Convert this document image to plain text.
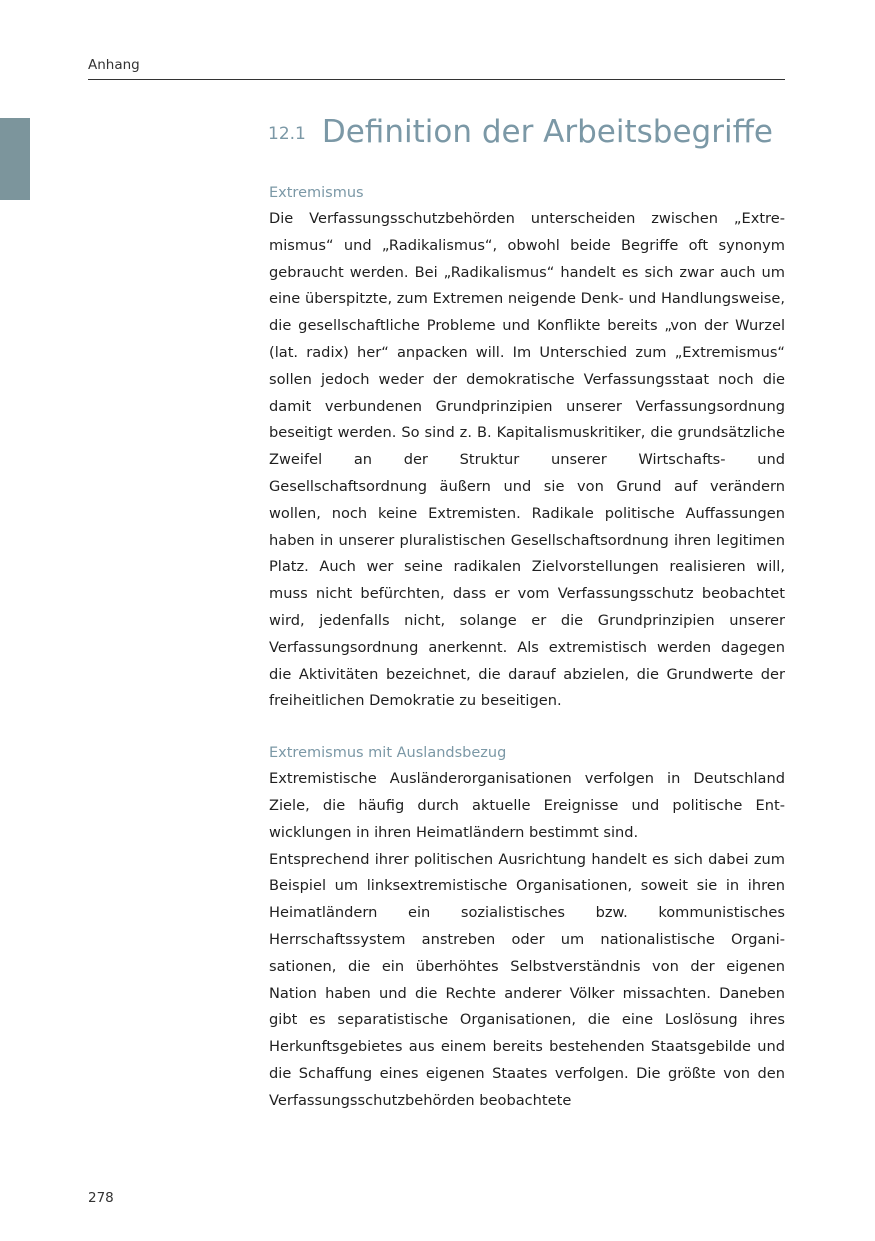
Anhang
12.1 Definition der Arbeitsbegriffe
Extremismus

Die Verfassungsschutzbehörden unterscheiden zwischen „Extremismus“ und „Radikalismus“, obwohl beide Begriffe oft synonym gebraucht werden. Bei „Radikalismus“ handelt es sich zwar auch um eine überspitzte, zum Extremen neigende Denk- und Handlungsweise, die gesellschaftliche Probleme und Konflikte bereits „von der Wurzel (lat. radix) her“ anpacken will. Im Unterschied zum „Extremismus“ sollen jedoch weder der demokratische Verfassungsstaat noch die damit verbundenen Grundprinzipien unserer Verfassungsordnung beseitigt werden. So sind z. B. Kapitalismuskritiker, die grundsätzliche Zweifel an der Struktur unserer Wirtschafts- und Gesellschaftsordnung äußern und sie von Grund auf verändern wollen, noch keine Extremisten. Radikale politische Auffassungen haben in unserer pluralistischen Gesellschaftsordnung ihren legitimen Platz. Auch wer seine radikalen Zielvorstellungen realisieren will, muss nicht befürchten, dass er vom Verfassungsschutz beobachtet wird, jedenfalls nicht, solange er die Grundprinzipien unserer Verfassungsordnung anerkennt. Als extremistisch werden dagegen die Aktivitäten bezeichnet, die darauf abzielen, die Grundwerte der freiheitlichen Demokratie zu beseitigen.

Extremismus mit Auslandsbezug

Extremistische Ausländerorganisationen verfolgen in Deutschland Ziele, die häufig durch aktuelle Ereignisse und politische Entwicklungen in ihren Heimatländern bestimmt sind.

Entsprechend ihrer politischen Ausrichtung handelt es sich dabei zum Beispiel um linksextremistische Organisationen, soweit sie in ihren Heimatländern ein sozialistisches bzw. kommunistisches Herrschaftssystem anstreben oder um nationalistische Organisationen, die ein überhöhtes Selbstverständnis von der eigenen Nation haben und die Rechte anderer Völker missachten. Daneben gibt es separatistische Organisationen, die eine Loslösung ihres Herkunftsgebietes aus einem bereits bestehenden Staatsgebilde und die Schaffung eines eigenen Staates verfolgen. Die größte von den Verfassungsschutzbehörden beobachtete

278
